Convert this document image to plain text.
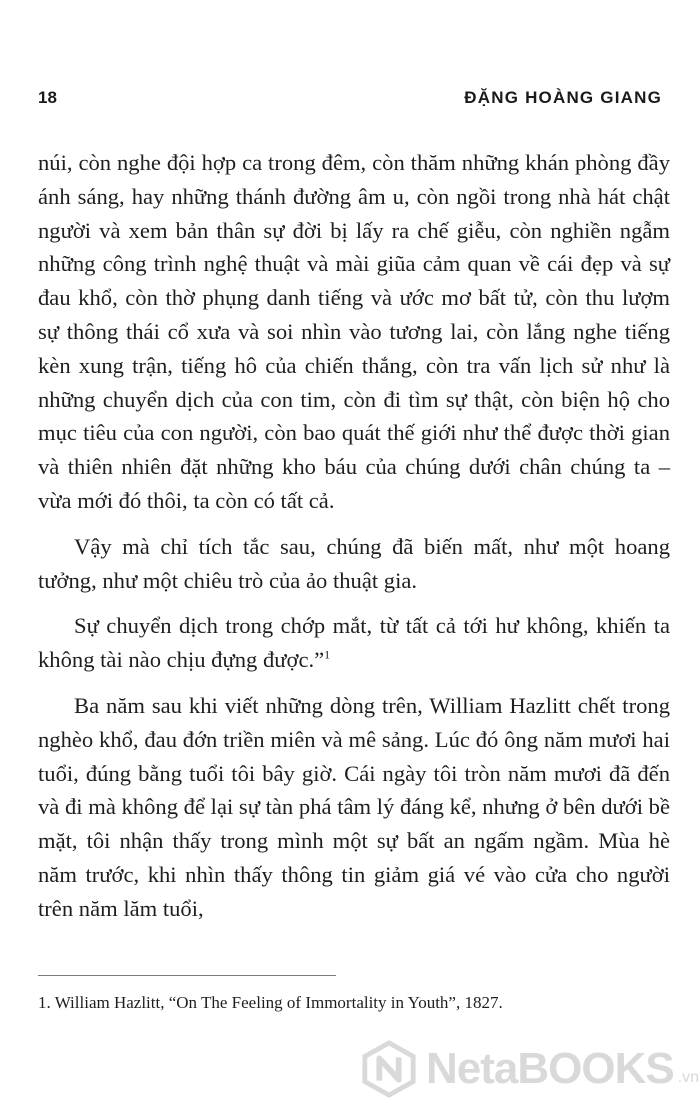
18	ĐẶNG HOÀNG GIANG

núi, còn nghe đội hợp ca trong đêm, còn thăm những khán phòng đầy ánh sáng, hay những thánh đường âm u, còn ngồi trong nhà hát chật người và xem bản thân sự đời bị lấy ra chế giễu, còn nghiền ngẫm những công trình nghệ thuật và mài giũa cảm quan về cái đẹp và sự đau khổ, còn thờ phụng danh tiếng và ước mơ bất tử, còn thu lượm sự thông thái cổ xưa và soi nhìn vào tương lai, còn lắng nghe tiếng kèn xung trận, tiếng hô của chiến thắng, còn tra vấn lịch sử như là những chuyển dịch của con tim, còn đi tìm sự thật, còn biện hộ cho mục tiêu của con người, còn bao quát thế giới như thể được thời gian và thiên nhiên đặt những kho báu của chúng dưới chân chúng ta – vừa mới đó thôi, ta còn có tất cả.

Vậy mà chỉ tích tắc sau, chúng đã biến mất, như một hoang tưởng, như một chiêu trò của ảo thuật gia.

Sự chuyển dịch trong chớp mắt, từ tất cả tới hư không, khiến ta không tài nào chịu đựng được.”$^1$

Ba năm sau khi viết những dòng trên, William Hazlitt chết trong nghèo khổ, đau đớn triền miên và mê sảng. Lúc đó ông năm mươi hai tuổi, đúng bằng tuổi tôi bây giờ. Cái ngày tôi tròn năm mươi đã đến và đi mà không để lại sự tàn phá tâm lý đáng kể, nhưng ở bên dưới bề mặt, tôi nhận thấy trong mình một sự bất an ngấm ngầm. Mùa hè năm trước, khi nhìn thấy thông tin giảm giá vé vào cửa cho người trên năm lăm tuổi,

1. William Hazlitt, “On The Feeling of Immortality in Youth”, 1827.
NetaBOOKS .vn
